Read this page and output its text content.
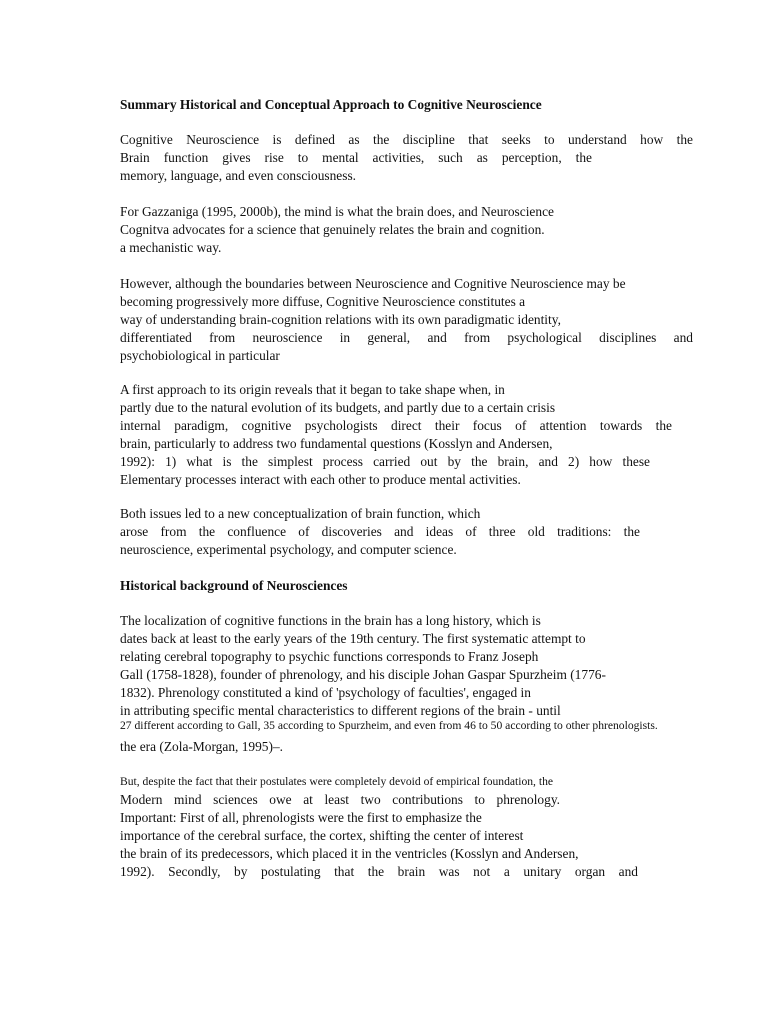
Summary Historical and Conceptual Approach to Cognitive Neuroscience
Cognitive Neuroscience is defined as the discipline that seeks to understand how the
Brain function gives rise to mental activities, such as perception, the
memory, language, and even consciousness.
For Gazzaniga (1995, 2000b), the mind is what the brain does, and Neuroscience
Cognitva advocates for a science that genuinely relates the brain and cognition.
a mechanistic way.
However, although the boundaries between Neuroscience and Cognitive Neuroscience may be
becoming progressively more diffuse, Cognitive Neuroscience constitutes a
way of understanding brain-cognition relations with its own paradigmatic identity,
differentiated from neuroscience in general, and from psychological disciplines and
psychobiological in particular
A first approach to its origin reveals that it began to take shape when, in
partly due to the natural evolution of its budgets, and partly due to a certain crisis
internal paradigm, cognitive psychologists direct their focus of attention towards the
brain, particularly to address two fundamental questions (Kosslyn and Andersen,
1992): 1) what is the simplest process carried out by the brain, and 2) how these
Elementary processes interact with each other to produce mental activities.
Both issues led to a new conceptualization of brain function, which
arose from the confluence of discoveries and ideas of three old traditions: the
neuroscience, experimental psychology, and computer science.
Historical background of Neurosciences
The localization of cognitive functions in the brain has a long history, which is
dates back at least to the early years of the 19th century. The first systematic attempt to
relating cerebral topography to psychic functions corresponds to Franz Joseph
Gall (1758-1828), founder of phrenology, and his disciple Johan Gaspar Spurzheim (1776-
1832). Phrenology constituted a kind of 'psychology of faculties', engaged in
in attributing specific mental characteristics to different regions of the brain - until
27 different according to Gall, 35 according to Spurzheim, and even from 46 to 50 according to other phrenologists.
the era (Zola-Morgan, 1995)–.
But, despite the fact that their postulates were completely devoid of empirical foundation, the
Modern mind sciences owe at least two contributions to phrenology.
Important: First of all, phrenologists were the first to emphasize the
importance of the cerebral surface, the cortex, shifting the center of interest
the brain of its predecessors, which placed it in the ventricles (Kosslyn and Andersen,
1992). Secondly, by postulating that the brain was not a unitary organ and
